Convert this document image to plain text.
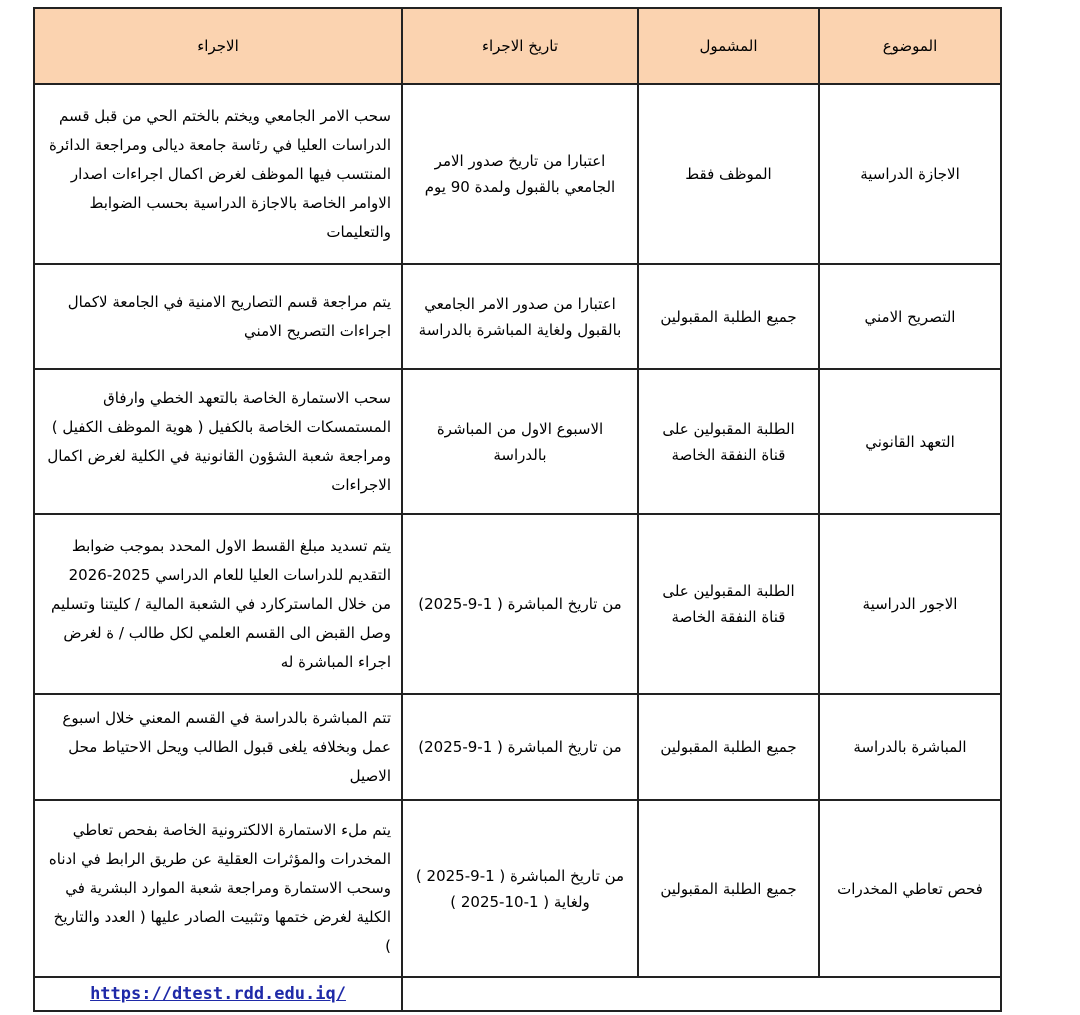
الموضوع	المشمول	تاريخ الاجراء	الاجراء
الاجازة الدراسية	الموظف فقط	اعتبارا من تاريخ صدور الامر الجامعي بالقبول ولمدة 90 يوم	سحب الامر الجامعي ويختم بالختم الحي من قبل قسم الدراسات العليا في رئاسة جامعة ديالى ومراجعة الدائرة المنتسب فيها الموظف لغرض اكمال اجراءات اصدار الاوامر الخاصة بالاجازة الدراسية بحسب الضوابط والتعليمات
التصريح الامني	جميع الطلبة المقبولين	اعتبارا من صدور الامر الجامعي بالقبول ولغاية المباشرة بالدراسة	يتم مراجعة قسم التصاريح الامنية في الجامعة لاكمال اجراءات التصريح الامني
التعهد القانوني	الطلبة المقبولين على قناة النفقة الخاصة	الاسبوع الاول من المباشرة بالدراسة	سحب الاستمارة الخاصة بالتعهد الخطي وارفاق المستمسكات الخاصة بالكفيل ( هوية الموظف الكفيل ) ومراجعة شعبة الشؤون القانونية في الكلية لغرض اكمال الاجراءات
الاجور الدراسية	الطلبة المقبولين على قناة النفقة الخاصة	من تاريخ المباشرة ( 1-9-2025)	يتم تسديد مبلغ القسط الاول المحدد بموجب ضوابط التقديم للدراسات العليا للعام الدراسي 2025-2026 من خلال الماستركارد في الشعبة المالية / كليتنا وتسليم وصل القبض الى القسم العلمي لكل طالب / ة لغرض اجراء المباشرة له
المباشرة بالدراسة	جميع الطلبة المقبولين	من تاريخ المباشرة ( 1-9-2025)	تتم المباشرة بالدراسة في القسم المعني خلال اسبوع عمل وبخلافه يلغى قبول الطالب ويحل الاحتياط محل الاصيل
فحص تعاطي المخدرات	جميع الطلبة المقبولين	من تاريخ المباشرة ( 1-9-2025 ) ولغاية ( 1-10-2025 )	يتم ملء الاستمارة الالكترونية الخاصة بفحص تعاطي المخدرات والمؤثرات العقلية عن طريق الرابط في ادناه وسحب الاستمارة ومراجعة شعبة الموارد البشرية في الكلية لغرض ختمها وتثبيت الصادر عليها ( العدد والتاريخ )
			https://dtest.rdd.edu.iq/
